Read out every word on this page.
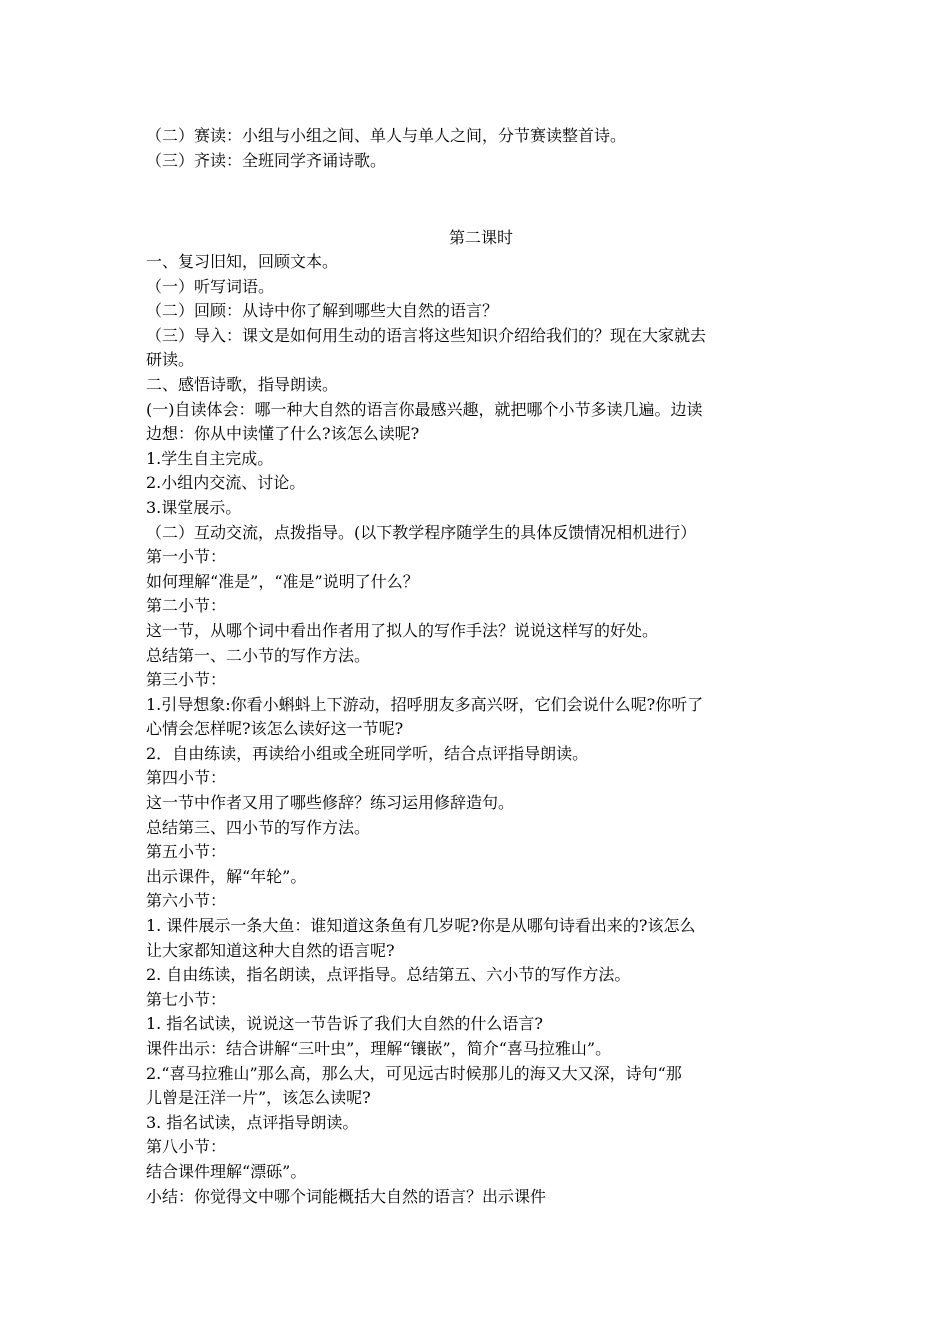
（二）赛读：小组与小组之间、单人与单人之间，分节赛读整首诗。
（三）齐读：全班同学齐诵诗歌。
第二课时
一、复习旧知，回顾文本。
（一）听写词语。
（二）回顾：从诗中你了解到哪些大自然的语言？
（三）导入：课文是如何用生动的语言将这些知识介绍给我们的？现在大家就去
研读。
二、感悟诗歌，指导朗读。
(一)自读体会：哪一种大自然的语言你最感兴趣，就把哪个小节多读几遍。边读
边想：你从中读懂了什么?该怎么读呢?
1.学生自主完成。
2.小组内交流、讨论。
3.课堂展示。
（二）互动交流，点拨指导。(以下教学程序随学生的具体反馈情况相机进行）
第一小节：
如何理解“准是”，“准是”说明了什么？
第二小节：
这一节，从哪个词中看出作者用了拟人的写作手法？说说这样写的好处。
总结第一、二小节的写作方法。
第三小节：
1.引导想象:你看小蝌蚪上下游动，招呼朋友多高兴呀，它们会说什么呢?你听了
心情会怎样呢?该怎么读好这一节呢?
2．自由练读，再读给小组或全班同学听，结合点评指导朗读。
第四小节：
这一节中作者又用了哪些修辞？练习运用修辞造句。
总结第三、四小节的写作方法。
第五小节：
出示课件，解“年轮”。
第六小节：
1. 课件展示一条大鱼：谁知道这条鱼有几岁呢?你是从哪句诗看出来的?该怎么
让大家都知道这种大自然的语言呢?
2. 自由练读，指名朗读，点评指导。总结第五、六小节的写作方法。
第七小节：
1. 指名试读，说说这一节告诉了我们大自然的什么语言?
课件出示：结合讲解“三叶虫”，理解“镶嵌”，简介“喜马拉雅山”。
2.“喜马拉雅山”那么高，那么大，可见远古时候那儿的海又大又深，诗句“那
儿曾是汪洋一片”，该怎么读呢?
3. 指名试读，点评指导朗读。
第八小节：
结合课件理解“漂砾”。
小结：你觉得文中哪个词能概括大自然的语言？出示课件
